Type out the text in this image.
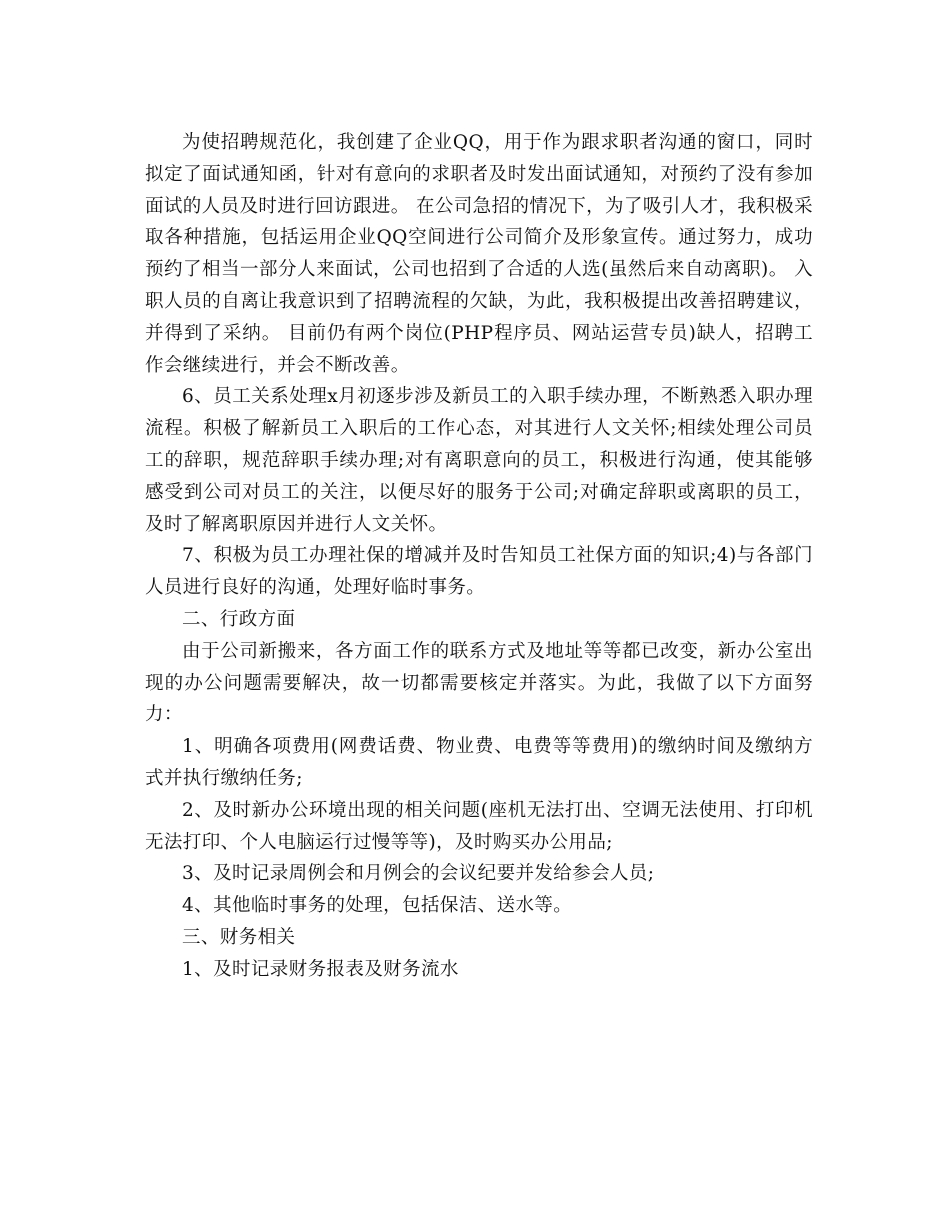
为使招聘规范化，我创建了企业QQ，用于作为跟求职者沟通的窗口，同时拟定了面试通知函，针对有意向的求职者及时发出面试通知，对预约了没有参加面试的人员及时进行回访跟进。 在公司急招的情况下，为了吸引人才，我积极采取各种措施，包括运用企业QQ空间进行公司简介及形象宣传。通过努力，成功预约了相当一部分人来面试，公司也招到了合适的人选(虽然后来自动离职)。 入职人员的自离让我意识到了招聘流程的欠缺，为此，我积极提出改善招聘建议，并得到了采纳。 目前仍有两个岗位(PHP程序员、网站运营专员)缺人，招聘工作会继续进行，并会不断改善。

6、员工关系处理x月初逐步涉及新员工的入职手续办理，不断熟悉入职办理流程。积极了解新员工入职后的工作心态，对其进行人文关怀;相续处理公司员工的辞职，规范辞职手续办理;对有离职意向的员工，积极进行沟通，使其能够感受到公司对员工的关注，以便尽好的服务于公司;对确定辞职或离职的员工，及时了解离职原因并进行人文关怀。

7、积极为员工办理社保的增减并及时告知员工社保方面的知识;4)与各部门人员进行良好的沟通，处理好临时事务。

二、行政方面

由于公司新搬来，各方面工作的联系方式及地址等等都已改变，新办公室出现的办公问题需要解决，故一切都需要核定并落实。为此，我做了以下方面努力：

1、明确各项费用(网费话费、物业费、电费等等费用)的缴纳时间及缴纳方式并执行缴纳任务;

2、及时新办公环境出现的相关问题(座机无法打出、空调无法使用、打印机无法打印、个人电脑运行过慢等等)，及时购买办公用品;

3、及时记录周例会和月例会的会议纪要并发给参会人员;

4、其他临时事务的处理，包括保洁、送水等。

三、财务相关

1、及时记录财务报表及财务流水
